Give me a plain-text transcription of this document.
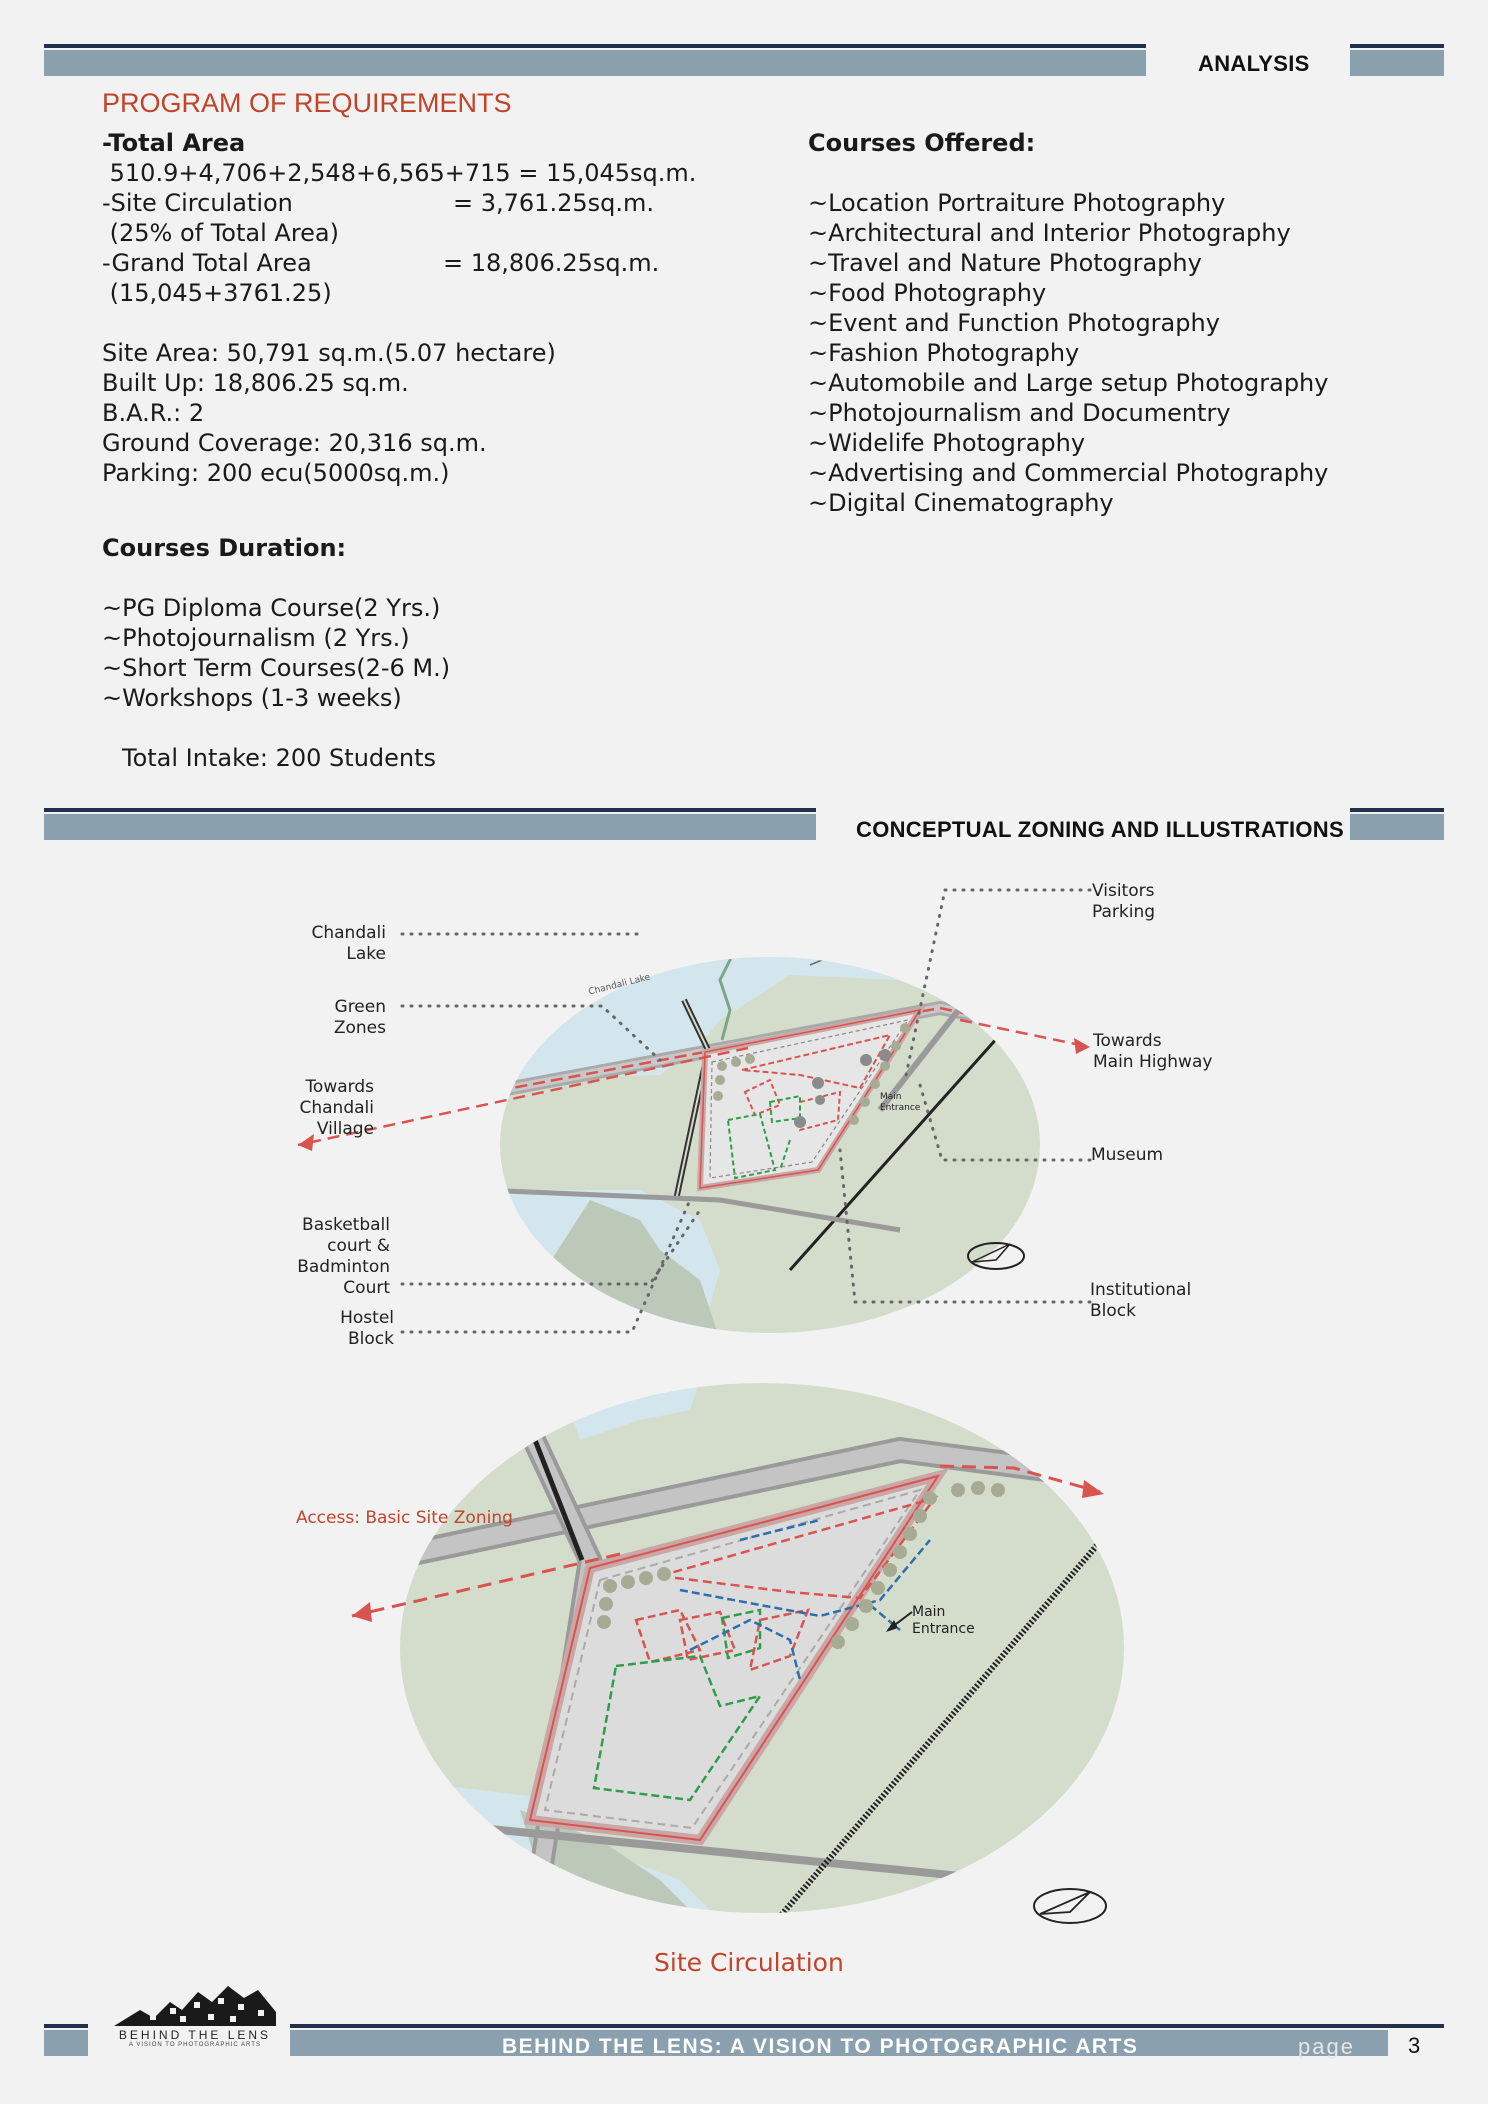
ANALYSIS
PROGRAM OF REQUIREMENTS
-Total Area
510.9+4,706+2,548+6,565+715 = 15,045sq.m.
-Site Circulation	= 3,761.25sq.m.
(25% of Total Area)
-Grand Total Area	= 18,806.25sq.m.
(15,045+3761.25)
Site Area: 50,791 sq.m.(5.07 hectare)
Built Up: 18,806.25 sq.m.
B.A.R.: 2
Ground Coverage: 20,316 sq.m.
Parking: 200 ecu(5000sq.m.)
Courses Duration:
~PG Diploma Course(2 Yrs.)
~Photojournalism (2 Yrs.)
~Short Term Courses(2-6 M.)
~Workshops (1-3 weeks)
Total Intake: 200 Students
Courses Offered:
~Location Portraiture Photography
~Architectural and Interior Photography
~Travel and Nature Photography
~Food Photography
~Event and Function Photography
~Fashion Photography
~Automobile and Large setup Photography
~Photojournalism and Documentry
~Widelife Photography
~Advertising and Commercial Photography
~Digital Cinematography
CONCEPTUAL ZONING AND ILLUSTRATIONS
Main
Entrance
Chandali Lake
Chandali
Lake
Green
Zones
Towards
Chandali
Village
Basketball
court &
Badminton
Court
Hostel
Block
Visitors
Parking
Towards
Main Highway
Museum
Institutional
Block
Access: Basic Site Zoning
Main
Entrance
Site Circulation
BEHIND THE LENS
A VISION TO PHOTOGRAPHIC ARTS	BEHIND THE LENS: A VISION TO PHOTOGRAPHIC ARTS	page 3
